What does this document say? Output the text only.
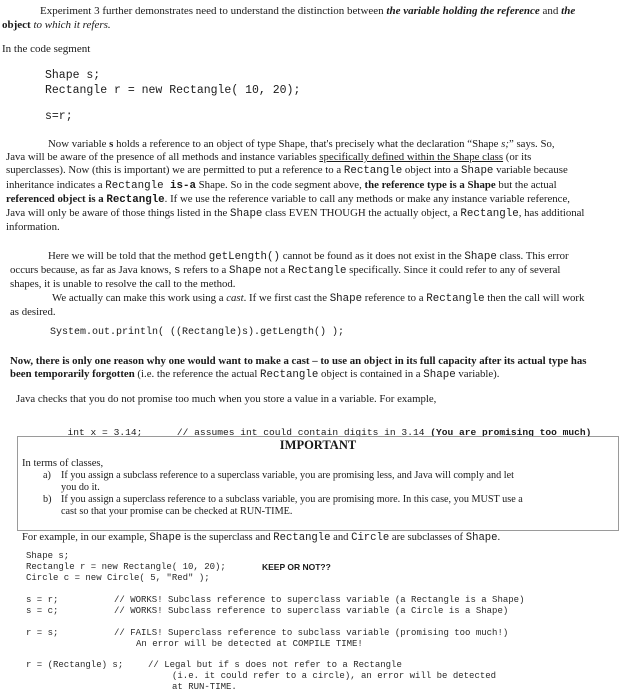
Experiment 3 further demonstrates need to understand the distinction between the variable holding the reference and the
object to which it refers.
In the code segment
Shape s;
Rectangle r = new Rectangle( 10, 20);
s=r;
Now variable s holds a reference to an object of type Shape, that's precisely what the declaration “Shape s;” says. So,
Java will be aware of the presence of all methods and instance variables specifically defined within the Shape class (or its
superclasses). Now (this is important) we are permitted to put a reference to a Rectangle object into a Shape variable because
inheritance indicates a Rectangle is-a Shape. So in the code segment above, the reference type is a Shape but the actual
referenced object is a Rectangle. If we use the reference variable to call any methods or make any instance variable reference,
Java will only be aware of those things listed in the Shape class EVEN THOUGH the actually object, a Rectangle, has additional
information.
Here we will be told that the method getLength() cannot be found as it does not exist in the Shape class. This error
occurs because, as far as Java knows, s refers to a Shape not a Rectangle specifically. Since it could refer to any of several
shapes, it is unable to resolve the call to the method.
We actually can make this work using a cast. If we first cast the Shape reference to a Rectangle then the call will work
as desired.
System.out.println( ((Rectangle)s).getLength() );
Now, there is only one reason why one would want to make a cast – to use an object in its full capacity after its actual type has
been temporarily forgotten (i.e. the reference the actual Rectangle object is contained in a Shape variable).
Java checks that you do not promise too much when you store a value in a variable. For example,

int x = 3.14;	// assumes int could contain digits in 3.14 (You are promising too much)

IMPORTANT
In terms of classes,
a) If you assign a subclass reference to a superclass variable, you are promising less, and Java will comply and let
you do it.
b) If you assign a superclass reference to a subclass variable, you are promising more. In this case, you MUST use a
cast so that your promise can be checked at RUN-TIME.
For example, in our example, Shape is the superclass and Rectangle and Circle are subclasses of Shape.
Shape s;
Rectangle r = new Rectangle( 10, 20);	KEEP OR NOT??
Circle c = new Circle( 5, "Red" );
s = r;	// WORKS! Subclass reference to superclass variable (a Rectangle is a Shape)
s = c;	// WORKS! Subclass reference to superclass variable (a Circle is a Shape)
r = s;	// FAILS! Superclass reference to subclass variable (promising too much!)
An error will be detected at COMPILE TIME!
r = (Rectangle) s;	// Legal but if s does not refer to a Rectangle
(i.e. it could refer to a circle), an error will be detected
at RUN-TIME.
